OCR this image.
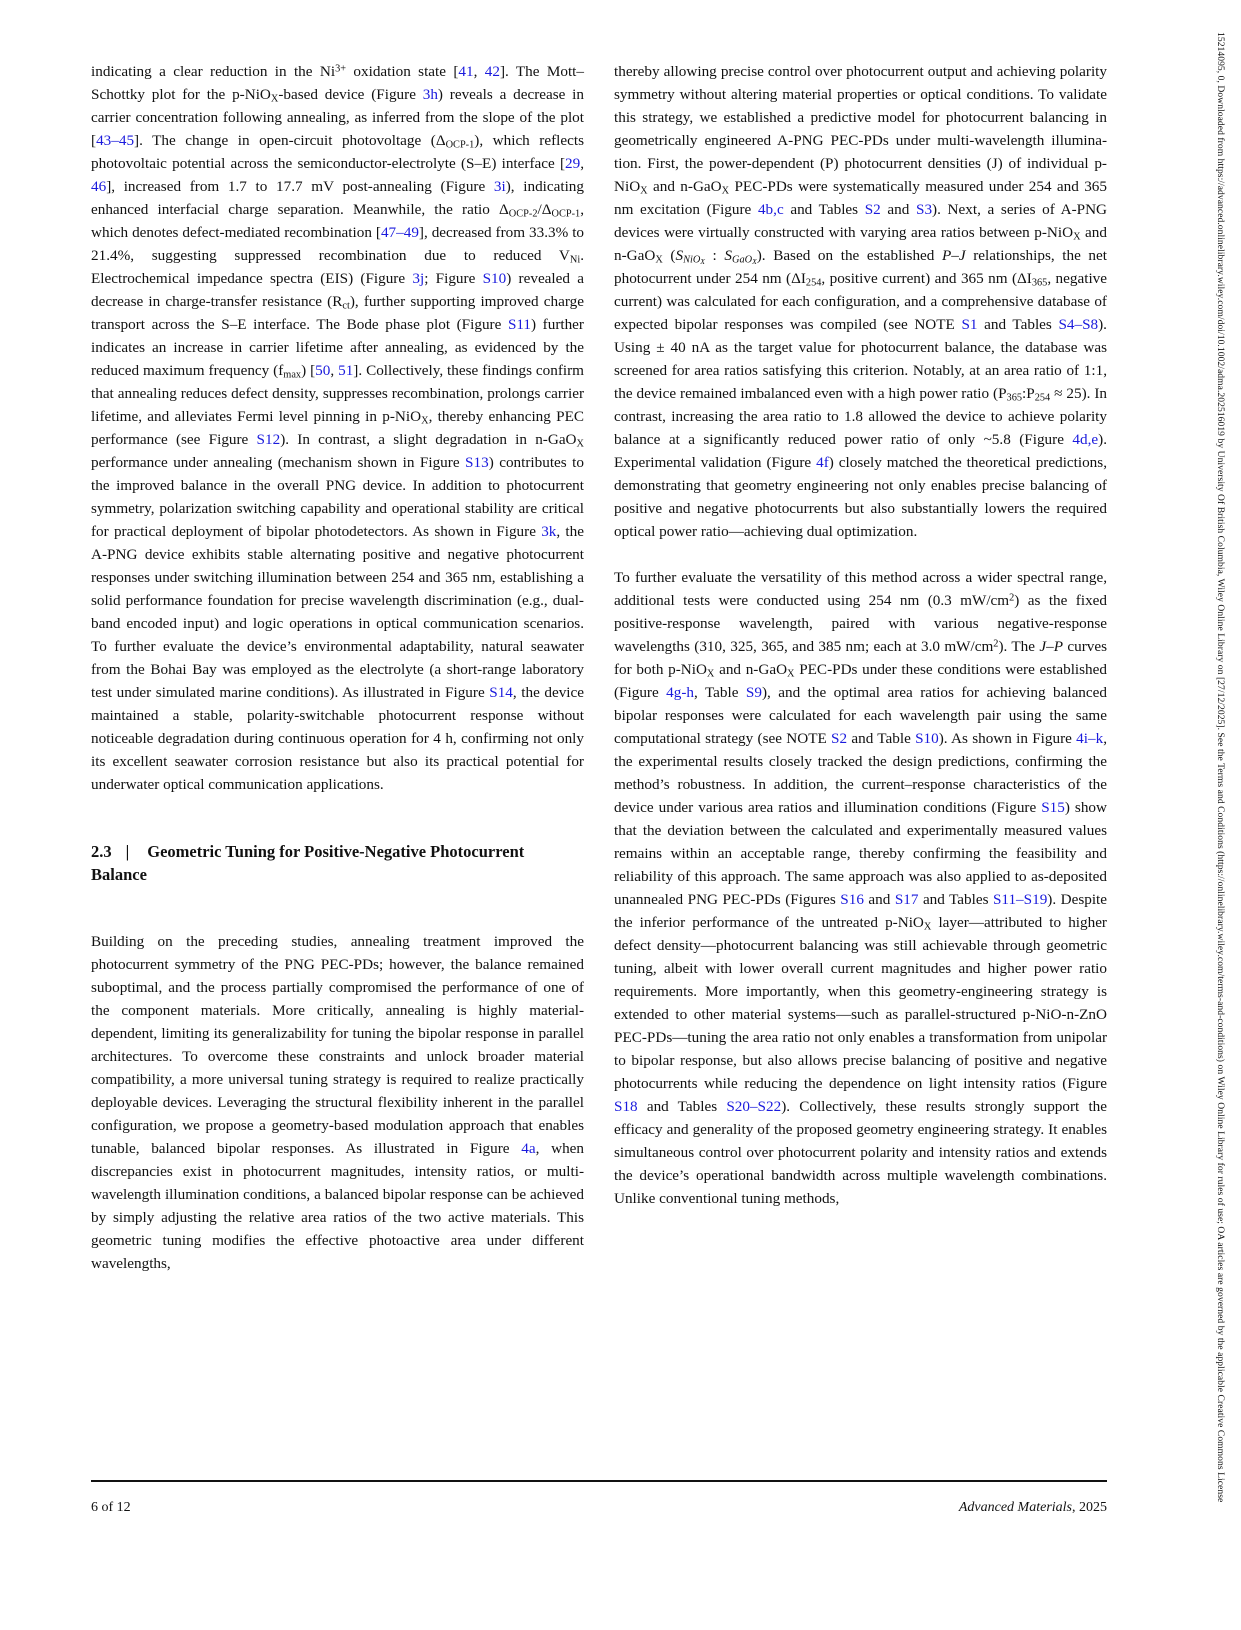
15214095, 0, Downloaded from https://advanced.onlinelibrary.wiley.com/doi/10.1002/adma.202516019 by University Of British Columbia, Wiley Online Library on [27/12/2025]. See the Terms and Conditions (https://onlinelibrary.wiley.com/terms-and-conditions) on Wiley Online Library for rules of use; OA articles are governed by the applicable Creative Commons License

indicating a clear reduction in the $Ni^{3+}$ oxidation state [41, 42]. The Mott–Schottky plot for the p-NiO$_X$-based device (Figure 3h) reveals a decrease in carrier concentration following annealing, as inferred from the slope of the plot [43–45]. The change in open-circuit photovoltage $(\Delta_{OCP-1})$, which reflects photovoltaic potential across the semiconductor-electrolyte (S–E) interface [29, 46], increased from 1.7 to 17.7 mV post-annealing (Figure 3i), indicating enhanced interfacial charge separation. Meanwhile, the ratio $\Delta_{OCP-2}/\Delta_{OCP-1}$, which denotes defect-mediated recombination [47–49], decreased from 33.3% to 21.4%, suggesting suppressed recombination due to reduced $V_{Ni}$. Electrochemical impedance spectra (EIS) (Figure 3j; Figure S10) revealed a decrease in charge-transfer resistance $(R_{ct})$, further supporting improved charge transport across the S–E interface. The Bode phase plot (Figure S11) further indicates an increase in carrier lifetime after annealing, as evidenced by the reduced maximum frequency $(f_{max})$ [50, 51]. Collectively, these findings confirm that annealing reduces defect density, suppresses recombination, prolongs carrier lifetime, and alleviates Fermi level pinning in p-NiO$_X$, thereby enhancing PEC performance (see Figure S12). In contrast, a slight degradation in n-GaO$_X$ performance under annealing (mechanism shown in Figure S13) contributes to the improved balance in the overall PNG device. In addition to photocurrent symmetry, polarization switching capability and operational stability are critical for practical deployment of bipolar photodetectors. As shown in Figure 3k, the A-PNG device exhibits stable alternating positive and negative photocurrent responses under switching illumination between 254 and 365 nm, establishing a solid performance foundation for precise wavelength discrimination (e.g., dual-band encoded input) and logic operations in optical communication scenarios. To further evaluate the device’s environmental adaptability, natural seawater from the Bohai Bay was employed as the electrolyte (a short-range laboratory test under simulated marine conditions). As illustrated in Figure S14, the device maintained a stable, polarity-switchable photocurrent response without noticeable degradation during continuous operation for 4 h, confirming not only its excellent seawater corrosion resistance but also its practical potential for underwater optical communication applications.

2.3 | Geometric Tuning for Positive-Negative Photocurrent Balance

Building on the preceding studies, annealing treatment improved the photocurrent symmetry of the PNG PEC-PDs; however, the balance remained suboptimal, and the process partially compromised the performance of one of the component materials. More critically, annealing is highly material-dependent, limiting its generalizability for tuning the bipolar response in parallel architectures. To overcome these constraints and unlock broader material compatibility, a more universal tuning strategy is required to realize practically deployable devices. Leveraging the structural flexibility inherent in the parallel configuration, we propose a geometry-based modulation approach that enables tunable, balanced bipolar responses. As illustrated in Figure 4a, when discrepancies exist in photocurrent magnitudes, intensity ratios, or multi-wavelength illumination conditions, a balanced bipolar response can be achieved by simply adjusting the relative area ratios of the two active materials. This geometric tuning modifies the effective photoactive area under different wavelengths,

thereby allowing precise control over photocurrent output and achieving polarity symmetry without altering material properties or optical conditions. To validate this strategy, we established a predictive model for photocurrent balancing in geometrically engineered A-PNG PEC-PDs under multi-wavelength illumination. First, the power-dependent (P) photocurrent densities (J) of individual p-NiO$_X$ and n-GaO$_X$ PEC-PDs were systematically measured under 254 and 365 nm excitation (Figure 4b,c and Tables S2 and S3). Next, a series of A-PNG devices were virtually constructed with varying area ratios between p-NiO$_X$ and n-GaO$_X$ ($S_{NiOX}$ : $S_{GaOX}$). Based on the established P–J relationships, the net photocurrent under 254 nm ($\Delta I_{254}$, positive current) and 365 nm ($\Delta I_{365}$, negative current) was calculated for each configuration, and a comprehensive database of expected bipolar responses was compiled (see NOTE S1 and Tables S4–S8). Using ± 40 nA as the target value for photocurrent balance, the database was screened for area ratios satisfying this criterion. Notably, at an area ratio of 1:1, the device remained imbalanced even with a high power ratio $(P_{365}:P_{254} \approx 25)$. In contrast, increasing the area ratio to 1.8 allowed the device to achieve polarity balance at a significantly reduced power ratio of only ~5.8 (Figure 4d,e). Experimental validation (Figure 4f) closely matched the theoretical predictions, demonstrating that geometry engineering not only enables precise balancing of positive and negative photocurrents but also substantially lowers the required optical power ratio—achieving dual optimization.

To further evaluate the versatility of this method across a wider spectral range, additional tests were conducted using 254 nm (0.3 $mW/cm^2$) as the fixed positive-response wavelength, paired with various negative-response wavelengths (310, 325, 365, and 385 nm; each at 3.0 $mW/cm^2$). The J–P curves for both p-NiO$_X$ and n-GaO$_X$ PEC-PDs under these conditions were established (Figure 4g-h, Table S9), and the optimal area ratios for achieving balanced bipolar responses were calculated for each wavelength pair using the same computational strategy (see NOTE S2 and Table S10). As shown in Figure 4i–k, the experimental results closely tracked the design predictions, confirming the method’s robustness. In addition, the current–response characteristics of the device under various area ratios and illumination conditions (Figure S15) show that the deviation between the calculated and experimentally measured values remains within an acceptable range, thereby confirming the feasibility and reliability of this approach. The same approach was also applied to as-deposited unannealed PNG PEC-PDs (Figures S16 and S17 and Tables S11–S19). Despite the inferior performance of the untreated p-NiO$_X$ layer—attributed to higher defect density—photocurrent balancing was still achievable through geometric tuning, albeit with lower overall current magnitudes and higher power ratio requirements. More importantly, when this geometry-engineering strategy is extended to other material systems—such as parallel-structured p-NiO-n-ZnO PEC-PDs—tuning the area ratio not only enables a transformation from unipolar to bipolar response, but also allows precise balancing of positive and negative photocurrents while reducing the dependence on light intensity ratios (Figure S18 and Tables S20–S22). Collectively, these results strongly support the efficacy and generality of the proposed geometry engineering strategy. It enables simultaneous control over photocurrent polarity and intensity ratios and extends the device’s operational bandwidth across multiple wavelength combinations. Unlike conventional tuning methods,

6 of 12	Advanced Materials, 2025
